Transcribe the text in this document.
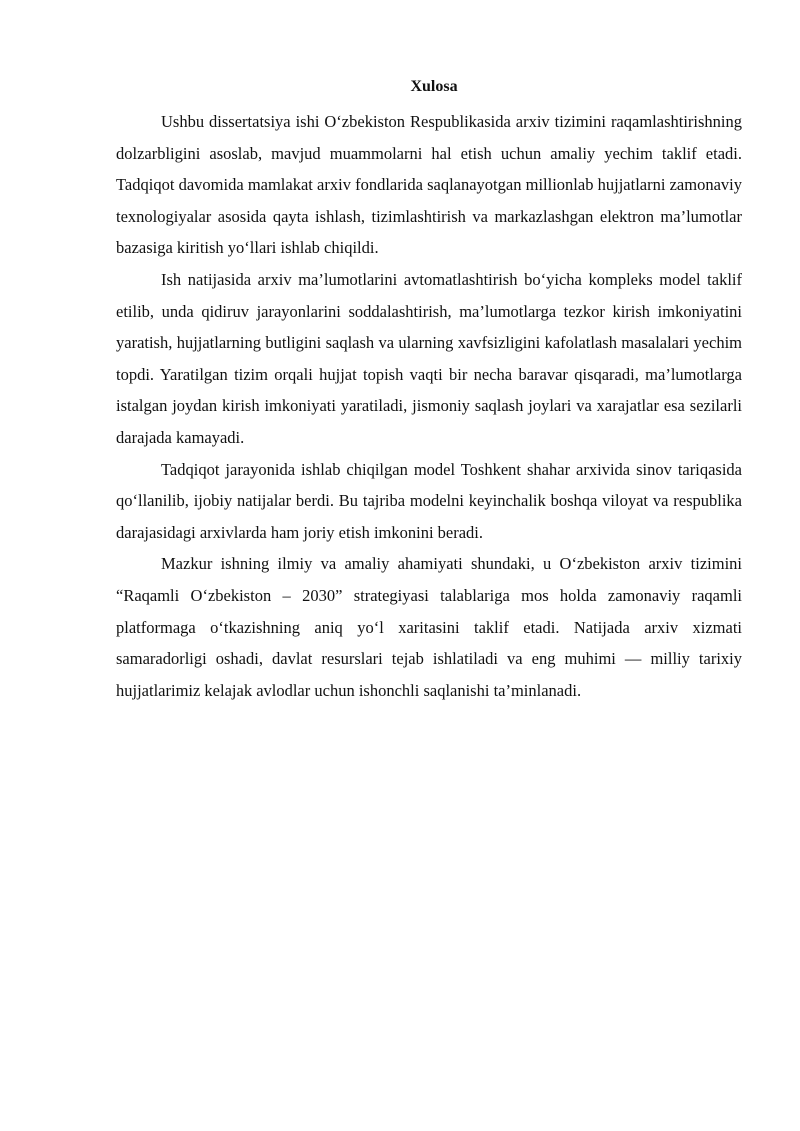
Xulosa

Ushbu dissertatsiya ishi O‘zbekiston Respublikasida arxiv tizimini raqamlashtirishning dolzarbligini asoslab, mavjud muammolarni hal etish uchun amaliy yechim taklif etadi. Tadqiqot davomida mamlakat arxiv fondlarida saqlanayotgan millionlab hujjatlarni zamonaviy texnologiyalar asosida qayta ishlash, tizimlashtirish va markazlashgan elektron ma’lumotlar bazasiga kiritish yo‘llari ishlab chiqildi.

Ish natijasida arxiv ma’lumotlarini avtomatlashtirish bo‘yicha kompleks model taklif etilib, unda qidiruv jarayonlarini soddalashtirish, ma’lumotlarga tezkor kirish imkoniyatini yaratish, hujjatlarning butligini saqlash va ularning xavfsizligini kafolatlash masalalari yechim topdi. Yaratilgan tizim orqali hujjat topish vaqti bir necha baravar qisqaradi, ma’lumotlarga istalgan joydan kirish imkoniyati yaratiladi, jismoniy saqlash joylari va xarajatlar esa sezilarli darajada kamayadi.

Tadqiqot jarayonida ishlab chiqilgan model Toshkent shahar arxivida sinov tariqasida qo‘llanilib, ijobiy natijalar berdi. Bu tajriba modelni keyinchalik boshqa viloyat va respublika darajasidagi arxivlarda ham joriy etish imkonini beradi.

Mazkur ishning ilmiy va amaliy ahamiyati shundaki, u O‘zbekiston arxiv tizimini “Raqamli O‘zbekiston – 2030” strategiyasi talablariga mos holda zamonaviy raqamli platformaga o‘tkazishning aniq yo‘l xaritasini taklif etadi. Natijada arxiv xizmati samaradorligi oshadi, davlat resurslari tejab ishlatiladi va eng muhimi — milliy tarixiy hujjatlarimiz kelajak avlodlar uchun ishonchli saqlanishi ta’minlanadi.
